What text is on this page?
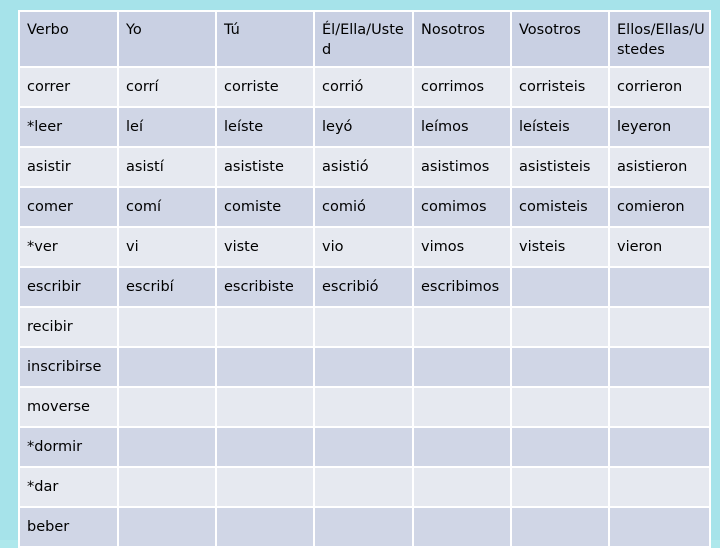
Verbo	Yo	Tú	Él/Ella/Usted	Nosotros	Vosotros	Ellos/Ellas/Ustedes
correr	corrí	corriste	corrió	corrimos	corristeis	corrieron
*leer	leí	leíste	leyó	leímos	leísteis	leyeron
asistir	asistí	asististe	asistió	asistimos	asististeis	asistieron
comer	comí	comiste	comió	comimos	comisteis	comieron
*ver	vi	viste	vio	vimos	visteis	vieron
escribir	escribí	escribiste	escribió	escribimos		
recibir						
inscribirse						
moverse						
*dormir						
*dar						
beber						
